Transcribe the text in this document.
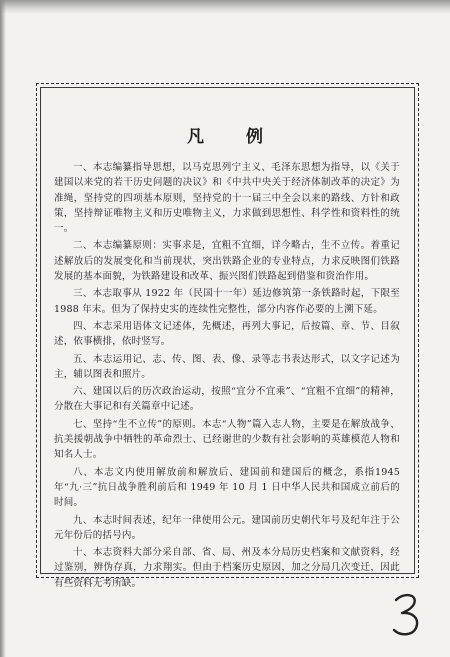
凡 例

一、本志编纂指导思想，以马克思列宁主义、毛泽东思想为指导，以《关于建国以来党的若干历史问题的决议》和《中共中央关于经济体制改革的决定》为准绳，坚持党的四项基本原则，坚持党的十一届三中全会以来的路线、方针和政策，坚持辩证唯物主义和历史唯物主义，力求做到思想性、科学性和资料性的统一。

二、本志编纂原则：实事求是，宜粗不宜细，详今略古，生不立传。着重记述解放后的发展变化和当前现状，突出铁路企业的专业特点，力求反映图们铁路发展的基本面貌，为铁路建设和改革、振兴图们铁路起到借鉴和资治作用。

三、本志取事从 1922 年（民国十一年）延边修筑第一条铁路时起，下限至 1988 年末。但为了保持史实的连续性完整性，部分内容作必要的上溯下延。

四、本志采用语体文记述体，先概述，再列大事记，后按篇、章、节、目叙述，依事横排，依时竖写。

五、本志运用记、志、传、图、表、像、录等志书表达形式，以文字记述为主，辅以图表和照片。

六、建国以后的历次政治运动，按照“宜分不宜乘”、“宜粗不宜细”的精神，分散在大事记和有关篇章中记述。

七、坚持“生不立传”的原则。本志“人物”篇入志人物，主要是在解放战争、抗美援朝战争中牺牲的革命烈士、已经谢世的少数有社会影响的英雄模范人物和知名人士。

八、本志文内使用解放前和解放后、建国前和建国后的概念，系指1945 年“九·三”抗日战争胜利前后和 1949 年 10 月 1 日中华人民共和国成立前后的时间。

九、本志时间表述，纪年一律使用公元。建国前历史朝代年号及纪年注于公元年份后的括号内。

十、本志资料大部分采自部、省、局、州及本分局历史档案和文献资料，经过鉴别，辨伪存真，力求翔实。但由于档案历史原因，加之分局几次变迁，因此有些资料无考所缺。
